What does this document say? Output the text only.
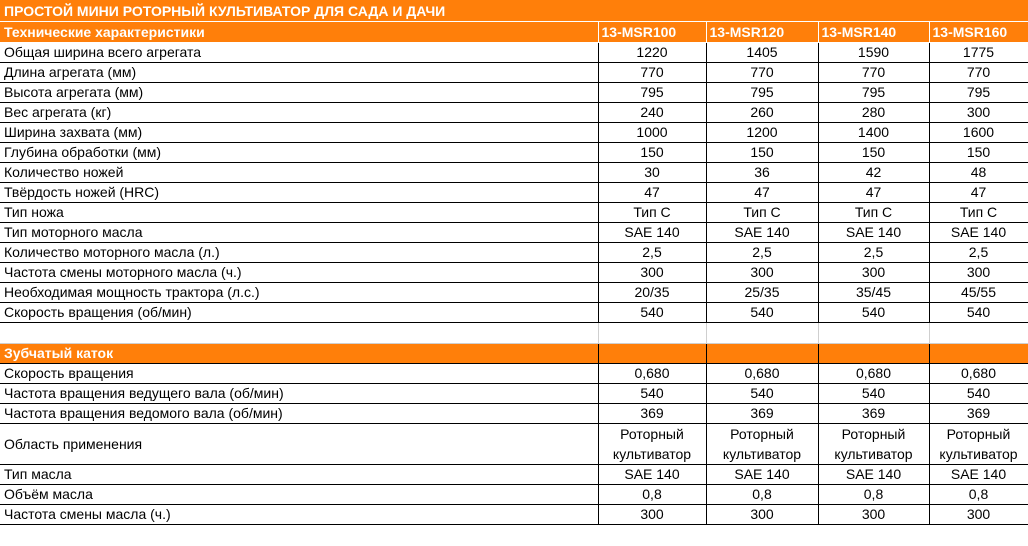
ПРОСТОЙ МИНИ РОТОРНЫЙ КУЛЬТИВАТОР ДЛЯ САДА И ДАЧИ
Технические характеристики	13-MSR100	13-MSR120	13-MSR140	13-MSR160
Общая ширина всего агрегата	1220	1405	1590	1775
Длина агрегата (мм)	770	770	770	770
Высота агрегата (мм)	795	795	795	795
Вес агрегата (кг)	240	260	280	300
Ширина захвата (мм)	1000	1200	1400	1600
Глубина обработки (мм)	150	150	150	150
Количество ножей	30	36	42	48
Твёрдость ножей (HRC)	47	47	47	47
Тип ножа	Тип С	Тип С	Тип С	Тип С
Тип моторного масла	SAE 140	SAE 140	SAE 140	SAE 140
Количество моторного масла (л.)	2,5	2,5	2,5	2,5
Частота смены моторного масла (ч.)	300	300	300	300
Необходимая мощность трактора (л.с.)	20/35	25/35	35/45	45/55
Скорость вращения (об/мин)	540	540	540	540

Зубчатый каток				
Скорость вращения	0,680	0,680	0,680	0,680
Частота вращения ведущего вала (об/мин)	540	540	540	540
Частота вращения ведомого вала (об/мин)	369	369	369	369
Область применения	Роторный культиватор	Роторный культиватор	Роторный культиватор	Роторный культиватор
Тип масла	SAE 140	SAE 140	SAE 140	SAE 140
Объём масла	0,8	0,8	0,8	0,8
Частота смены масла (ч.)	300	300	300	300
